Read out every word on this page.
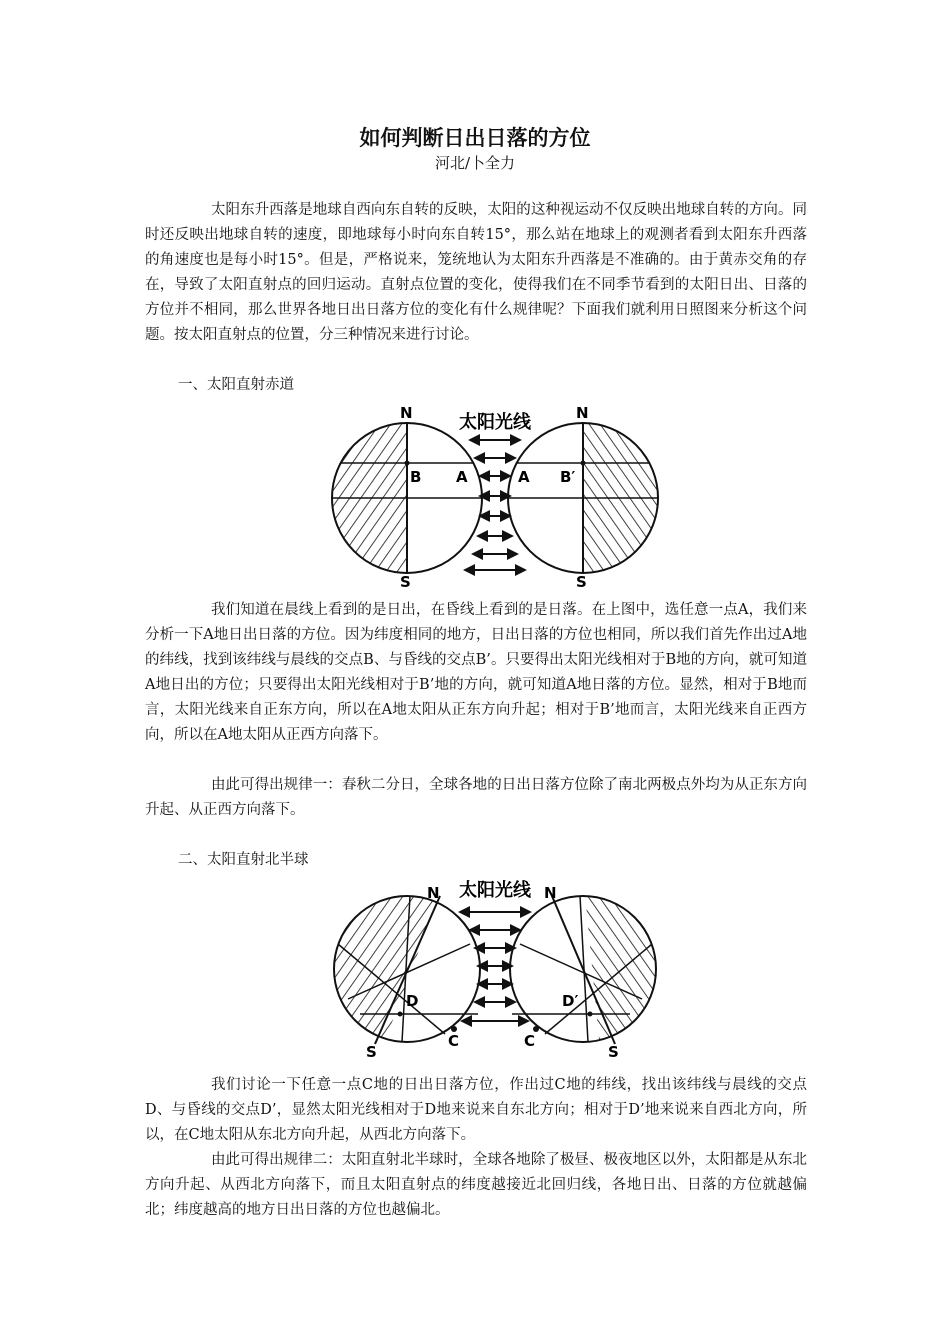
如何判断日出日落的方位
河北/卜全力

太阳东升西落是地球自西向东自转的反映，太阳的这种视运动不仅反映出地球自转的方向。同时还反映出地球自转的速度，即地球每小时向东自转15°，那么站在地球上的观测者看到太阳东升西落的角速度也是每小时15°。但是，严格说来，笼统地认为太阳东升西落是不准确的。由于黄赤交角的存在，导致了太阳直射点的回归运动。直射点位置的变化，使得我们在不同季节看到的太阳日出、日落的方位并不相同，那么世界各地日出日落方位的变化有什么规律呢？下面我们就利用日照图来分析这个问题。按太阳直射点的位置，分三种情况来进行讨论。

一、太阳直射赤道
太阳光线
N	N
S	S
B A	A B′

我们知道在晨线上看到的是日出，在昏线上看到的是日落。在上图中，选任意一点A，我们来分析一下A地日出日落的方位。因为纬度相同的地方，日出日落的方位也相同，所以我们首先作出过A地的纬线，找到该纬线与晨线的交点B、与昏线的交点B’。只要得出太阳光线相对于B地的方向，就可知道A地日出的方位；只要得出太阳光线相对于B’地的方向，就可知道A地日落的方位。显然，相对于B地而言，太阳光线来自正东方向，所以在A地太阳从正东方向升起；相对于B’地而言，太阳光线来自正西方向，所以在A地太阳从正西方向落下。

由此可得出规律一：春秋二分日，全球各地的日出日落方位除了南北两极点外均为从正东方向升起、从正西方向落下。

二、太阳直射北半球
太阳光线
N	N
S	S
D	D′
C	C

我们讨论一下任意一点C地的日出日落方位，作出过C地的纬线，找出该纬线与晨线的交点D、与昏线的交点D’，显然太阳光线相对于D地来说来自东北方向；相对于D’地来说来自西北方向，所以，在C地太阳从东北方向升起，从西北方向落下。

由此可得出规律二：太阳直射北半球时，全球各地除了极昼、极夜地区以外，太阳都是从东北方向升起、从西北方向落下，而且太阳直射点的纬度越接近北回归线，各地日出、日落的方位就越偏北；纬度越高的地方日出日落的方位也越偏北。
